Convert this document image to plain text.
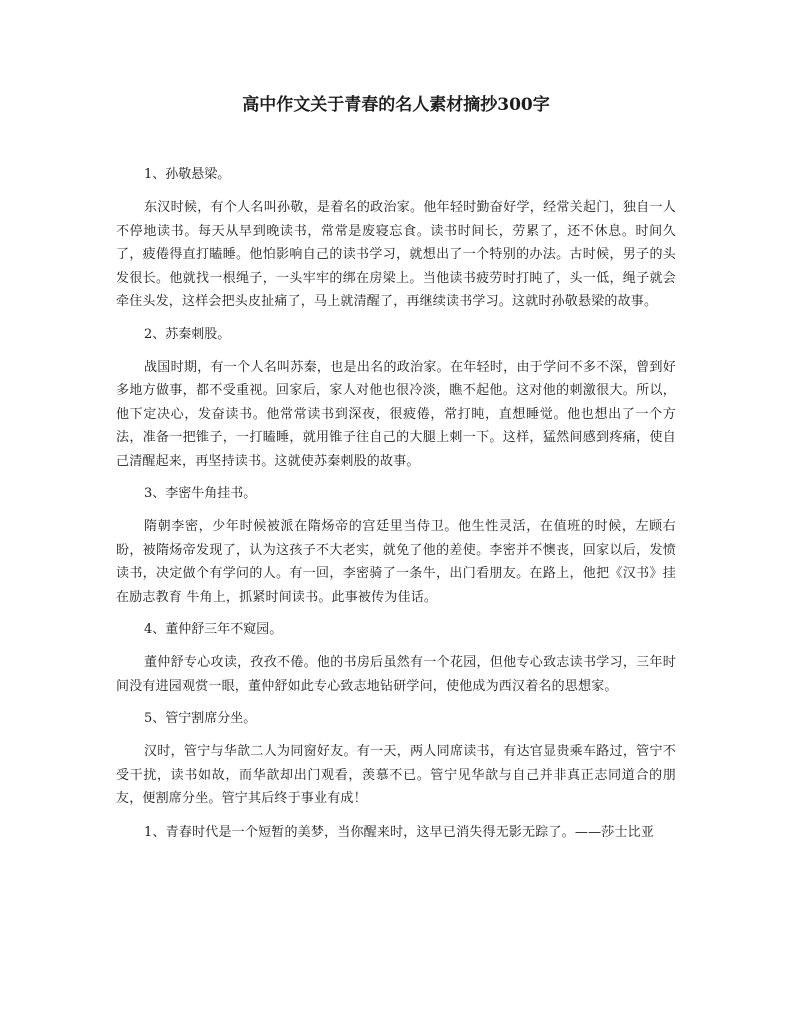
高中作文关于青春的名人素材摘抄300字

1、孙敬悬梁。

东汉时候，有个人名叫孙敬，是着名的政治家。他年轻时勤奋好学，经常关起门，独自一人不停地读书。每天从早到晚读书，常常是废寝忘食。读书时间长，劳累了，还不休息。时间久了，疲倦得直打瞌睡。他怕影响自己的读书学习，就想出了一个特别的办法。古时候，男子的头发很长。他就找一根绳子，一头牢牢的绑在房梁上。当他读书疲劳时打盹了，头一低，绳子就会牵住头发，这样会把头皮扯痛了，马上就清醒了，再继续读书学习。这就时孙敬悬梁的故事。

2、苏秦刺股。

战国时期，有一个人名叫苏秦，也是出名的政治家。在年轻时，由于学问不多不深，曾到好多地方做事，都不受重视。回家后，家人对他也很冷淡，瞧不起他。这对他的刺激很大。所以，他下定决心，发奋读书。他常常读书到深夜，很疲倦，常打盹，直想睡觉。他也想出了一个方法，准备一把锥子，一打瞌睡，就用锥子往自己的大腿上刺一下。这样，猛然间感到疼痛，使自己清醒起来，再坚持读书。这就使苏秦刺股的故事。

3、李密牛角挂书。

隋朝李密，少年时候被派在隋炀帝的宫廷里当侍卫。他生性灵活，在值班的时候，左顾右盼，被隋炀帝发现了，认为这孩子不大老实，就免了他的差使。李密并不懊丧，回家以后，发愤读书，决定做个有学问的人。有一回，李密骑了一条牛，出门看朋友。在路上，他把《汉书》挂在励志教育 牛角上，抓紧时间读书。此事被传为佳话。

4、董仲舒三年不窥园。

董仲舒专心攻读，孜孜不倦。他的书房后虽然有一个花园，但他专心致志读书学习，三年时间没有进园观赏一眼，董仲舒如此专心致志地钻研学问，使他成为西汉着名的思想家。

5、管宁割席分坐。

汉时，管宁与华歆二人为同窗好友。有一天，两人同席读书，有达官显贵乘车路过，管宁不受干扰，读书如故，而华歆却出门观看，羡慕不已。管宁见华歆与自己并非真正志同道合的朋友，便割席分坐。管宁其后终于事业有成！

1、青春时代是一个短暂的美梦，当你醒来时，这早已消失得无影无踪了。——莎士比亚
